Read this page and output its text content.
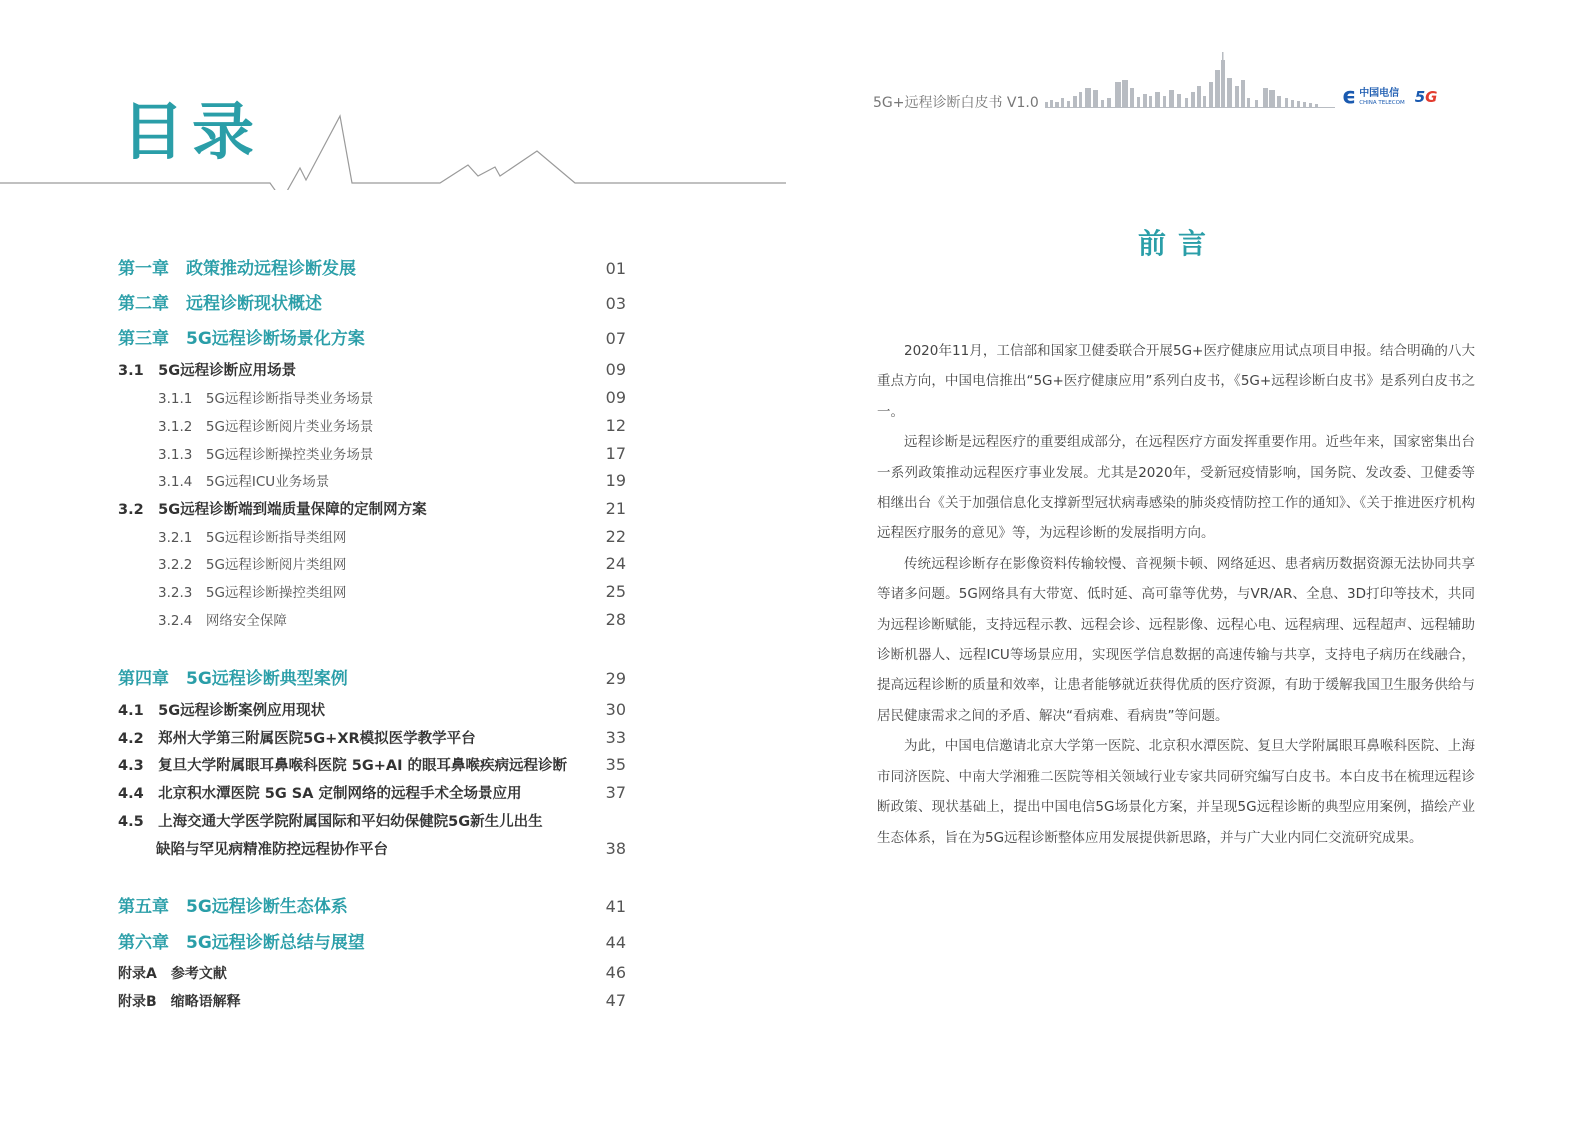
目录
第一章　政策推动远程诊断发展	01
第二章　远程诊断现状概述	03
第三章　5G远程诊断场景化方案	07
3.1　5G远程诊断应用场景	09
3.1.1　5G远程诊断指导类业务场景	09
3.1.2　5G远程诊断阅片类业务场景	12
3.1.3　5G远程诊断操控类业务场景	17
3.1.4　5G远程ICU业务场景	19
3.2　5G远程诊断端到端质量保障的定制网方案	21
3.2.1　5G远程诊断指导类组网	22
3.2.2　5G远程诊断阅片类组网	24
3.2.3　5G远程诊断操控类组网	25
3.2.4　网络安全保障	28
第四章　5G远程诊断典型案例	29
4.1　5G远程诊断案例应用现状	30
4.2　郑州大学第三附属医院5G+XR模拟医学教学平台	33
4.3　复旦大学附属眼耳鼻喉科医院 5G+AI 的眼耳鼻喉疾病远程诊断	35
4.4　北京积水潭医院 5G SA 定制网络的远程手术全场景应用	37
4.5　上海交通大学医学院附属国际和平妇幼保健院5G新生儿出生
缺陷与罕见病精准防控远程协作平台	38
第五章　5G远程诊断生态体系	41
第六章　5G远程诊断总结与展望	44
附录A　参考文献	46
附录B　缩略语解释	47
5G+远程诊断白皮书 V1.0	ϵ 中国电信
CHINA TELECOM 5G
前言

2020年11月，工信部和国家卫健委联合开展5G+医疗健康应用试点项目申报。结合明确的八大重点方向，中国电信推出“5G+医疗健康应用”系列白皮书，《5G+远程诊断白皮书》是系列白皮书之一。

远程诊断是远程医疗的重要组成部分，在远程医疗方面发挥重要作用。近些年来，国家密集出台一系列政策推动远程医疗事业发展。尤其是2020年，受新冠疫情影响，国务院、发改委、卫健委等相继出台《关于加强信息化支撑新型冠状病毒感染的肺炎疫情防控工作的通知》、《关于推进医疗机构远程医疗服务的意见》等，为远程诊断的发展指明方向。

传统远程诊断存在影像资料传输较慢、音视频卡顿、网络延迟、患者病历数据资源无法协同共享等诸多问题。5G网络具有大带宽、低时延、高可靠等优势，与VR/AR、全息、3D打印等技术，共同为远程诊断赋能，支持远程示教、远程会诊、远程影像、远程心电、远程病理、远程超声、远程辅助诊断机器人、远程ICU等场景应用，实现医学信息数据的高速传输与共享，支持电子病历在线融合，提高远程诊断的质量和效率，让患者能够就近获得优质的医疗资源，有助于缓解我国卫生服务供给与居民健康需求之间的矛盾、解决“看病难、看病贵”等问题。

为此，中国电信邀请北京大学第一医院、北京积水潭医院、复旦大学附属眼耳鼻喉科医院、上海市同济医院、中南大学湘雅二医院等相关领域行业专家共同研究编写白皮书。本白皮书在梳理远程诊断政策、现状基础上，提出中国电信5G场景化方案，并呈现5G远程诊断的典型应用案例，描绘产业生态体系，旨在为5G远程诊断整体应用发展提供新思路，并与广大业内同仁交流研究成果。
